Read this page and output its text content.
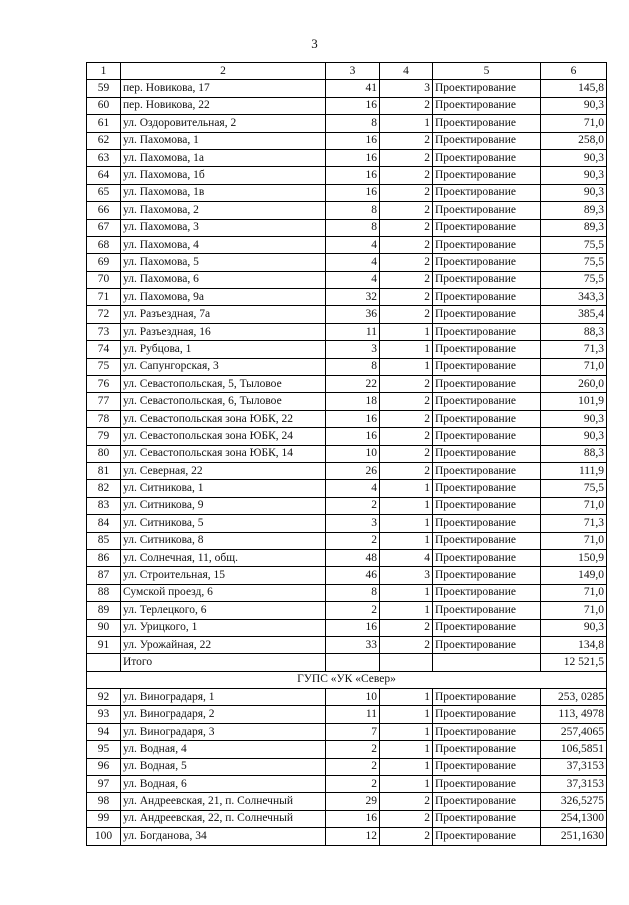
3
1	2	3	4	5	6
59	пер. Новикова, 17	41	3	Проектирование	145,8
60	пер. Новикова, 22	16	2	Проектирование	90,3
61	ул. Оздоровительная, 2	8	1	Проектирование	71,0
62	ул. Пахомова, 1	16	2	Проектирование	258,0
63	ул. Пахомова, 1а	16	2	Проектирование	90,3
64	ул. Пахомова, 1б	16	2	Проектирование	90,3
65	ул. Пахомова, 1в	16	2	Проектирование	90,3
66	ул. Пахомова, 2	8	2	Проектирование	89,3
67	ул. Пахомова, 3	8	2	Проектирование	89,3
68	ул. Пахомова, 4	4	2	Проектирование	75,5
69	ул. Пахомова, 5	4	2	Проектирование	75,5
70	ул. Пахомова, 6	4	2	Проектирование	75,5
71	ул. Пахомова, 9а	32	2	Проектирование	343,3
72	ул. Разъездная, 7а	36	2	Проектирование	385,4
73	ул. Разъездная, 16	11	1	Проектирование	88,3
74	ул. Рубцова, 1	3	1	Проектирование	71,3
75	ул. Сапунгорская, 3	8	1	Проектирование	71,0
76	ул. Севастопольская, 5, Тыловое	22	2	Проектирование	260,0
77	ул. Севастопольская, 6, Тыловое	18	2	Проектирование	101,9
78	ул. Севастопольская зона ЮБК, 22	16	2	Проектирование	90,3
79	ул. Севастопольская зона ЮБК, 24	16	2	Проектирование	90,3
80	ул. Севастопольская зона ЮБК, 14	10	2	Проектирование	88,3
81	ул. Северная, 22	26	2	Проектирование	111,9
82	ул. Ситникова, 1	4	1	Проектирование	75,5
83	ул. Ситникова, 9	2	1	Проектирование	71,0
84	ул. Ситникова, 5	3	1	Проектирование	71,3
85	ул. Ситникова, 8	2	1	Проектирование	71,0
86	ул. Солнечная, 11, общ.	48	4	Проектирование	150,9
87	ул. Строительная, 15	46	3	Проектирование	149,0
88	Сумской проезд, 6	8	1	Проектирование	71,0
89	ул. Терлецкого, 6	2	1	Проектирование	71,0
90	ул. Урицкого, 1	16	2	Проектирование	90,3
91	ул. Урожайная, 22	33	2	Проектирование	134,8
	Итого				12 521,5
ГУПС «УК «Север»					
92	ул. Виноградаря, 1	10	1	Проектирование	253, 0285
93	ул. Виноградаря, 2	11	1	Проектирование	113, 4978
94	ул. Виноградаря, 3	7	1	Проектирование	257,4065
95	ул. Водная, 4	2	1	Проектирование	106,5851
96	ул. Водная, 5	2	1	Проектирование	37,3153
97	ул. Водная, 6	2	1	Проектирование	37,3153
98	ул. Андреевская, 21, п. Солнечный	29	2	Проектирование	326,5275
99	ул. Андреевская, 22, п. Солнечный	16	2	Проектирование	254,1300
100	ул. Богданова, 34	12	2	Проектирование	251,1630
